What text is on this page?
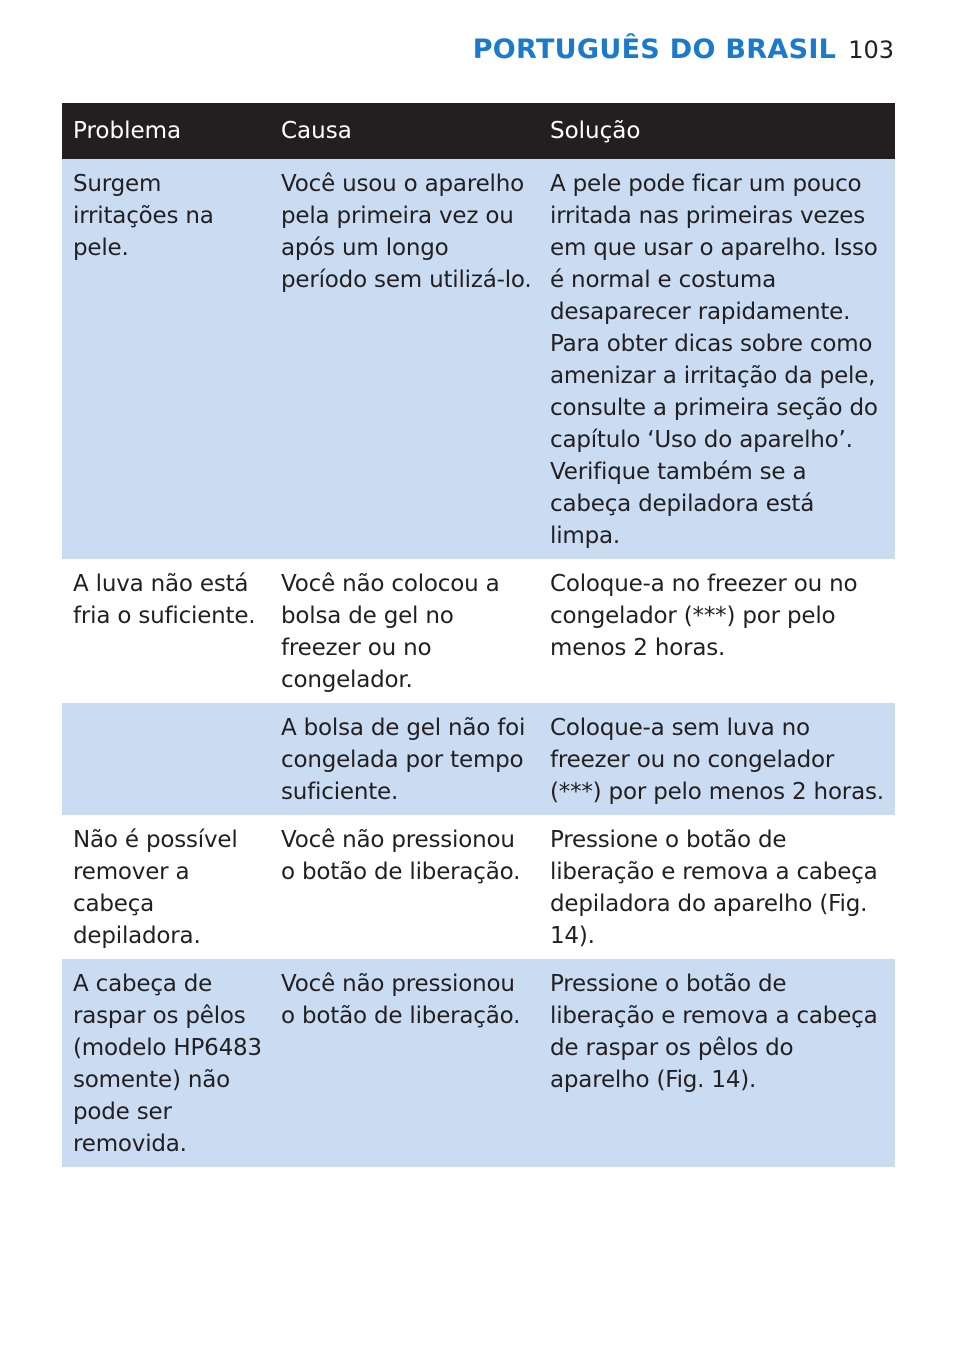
PORTUGUÊS DO BRASIL 103
Problema	Causa	Solução
Surgem irritações na pele.	Você usou o aparelho pela primeira vez ou após um longo período sem utilizá-lo.	A pele pode ficar um pouco irritada nas primeiras vezes em que usar o aparelho. Isso é normal e costuma desaparecer rapidamente. Para obter dicas sobre como amenizar a irritação da pele, consulte a primeira seção do capítulo ‘Uso do aparelho’. Verifique também se a cabeça depiladora está limpa.
A luva não está fria o suficiente.	Você não colocou a bolsa de gel no freezer ou no congelador.	Coloque-a no freezer ou no congelador (***) por pelo menos 2 horas.
	A bolsa de gel não foi congelada por tempo suficiente.	Coloque-a sem luva no freezer ou no congelador (***) por pelo menos 2 horas.
Não é possível remover a cabeça depiladora.	Você não pressionou o botão de liberação.	Pressione o botão de liberação e remova a cabeça depiladora do aparelho (Fig. 14).
A cabeça de raspar os pêlos (modelo HP6483 somente) não pode ser removida.	Você não pressionou o botão de liberação.	Pressione o botão de liberação e remova a cabeça de raspar os pêlos do aparelho (Fig. 14).
